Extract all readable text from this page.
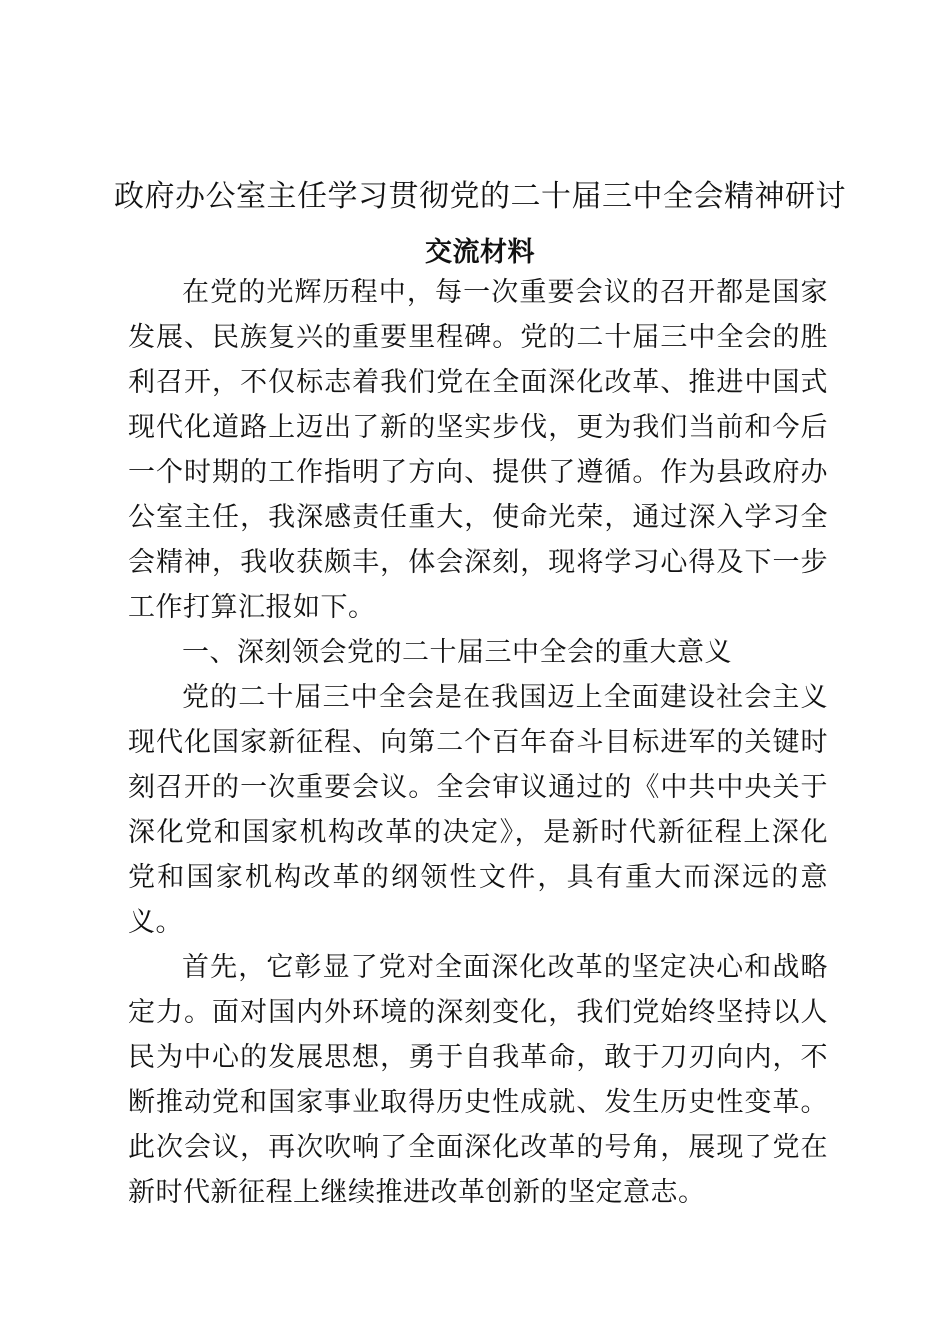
政府办公室主任学习贯彻党的二十届三中全会精神研讨
交流材料

在党的光辉历程中，每一次重要会议的召开都是国家发展、民族复兴的重要里程碑。党的二十届三中全会的胜利召开，不仅标志着我们党在全面深化改革、推进中国式现代化道路上迈出了新的坚实步伐，更为我们当前和今后一个时期的工作指明了方向、提供了遵循。作为县政府办公室主任，我深感责任重大，使命光荣，通过深入学习全会精神，我收获颇丰，体会深刻，现将学习心得及下一步工作打算汇报如下。

一、深刻领会党的二十届三中全会的重大意义

党的二十届三中全会是在我国迈上全面建设社会主义现代化国家新征程、向第二个百年奋斗目标进军的关键时刻召开的一次重要会议。全会审议通过的《中共中央关于深化党和国家机构改革的决定》，是新时代新征程上深化党和国家机构改革的纲领性文件，具有重大而深远的意义。

首先，它彰显了党对全面深化改革的坚定决心和战略定力。面对国内外环境的深刻变化，我们党始终坚持以人民为中心的发展思想，勇于自我革命，敢于刀刃向内，不断推动党和国家事业取得历史性成就、发生历史性变革。此次会议，再次吹响了全面深化改革的号角，展现了党在新时代新征程上继续推进改革创新的坚定意志。
